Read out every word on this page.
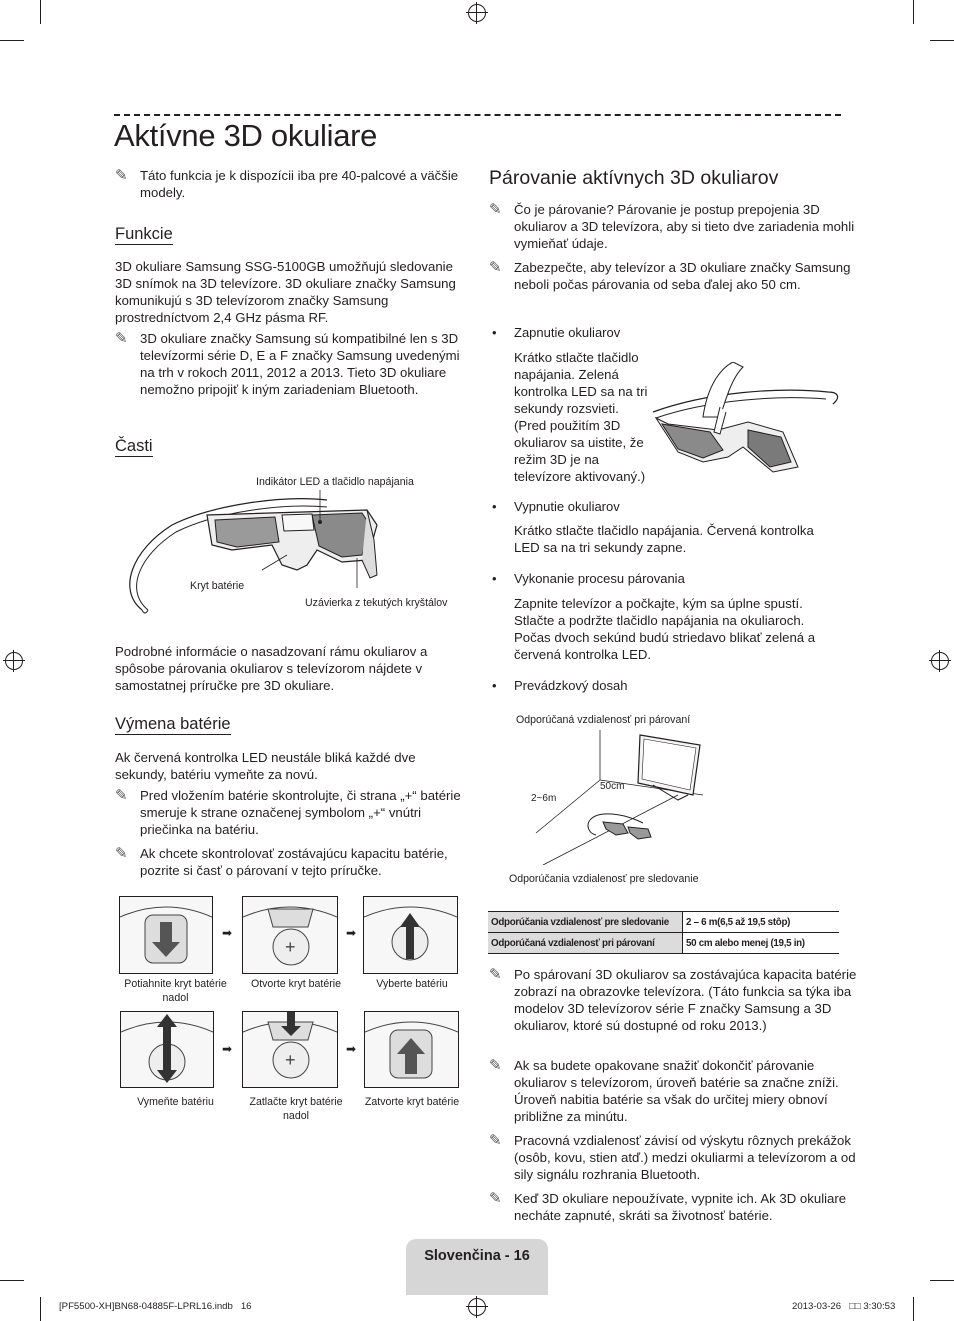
Aktívne 3D okuliare
✎ Táto funkcia je k dispozícii iba pre 40-palcové a väčšie modely.
Funkcie
3D okuliare Samsung SSG-5100GB umožňujú sledovanie 3D snímok na 3D televízore. 3D okuliare značky Samsung komunikujú s 3D televízorom značky Samsung prostredníctvom 2,4 GHz pásma RF.
✎ 3D okuliare značky Samsung sú kompatibilné len s 3D televízormi série D, E a F značky Samsung uvedenými na trh v rokoch 2011, 2012 a 2013. Tieto 3D okuliare nemožno pripojiť k iným zariadeniam Bluetooth.
Časti
Indikátor LED a tlačidlo napájania
Kryt batérie
Uzávierka z tekutých kryštálov
Podrobné informácie o nasadzovaní rámu okuliarov a spôsobe párovania okuliarov s televízorom nájdete v samostatnej príručke pre 3D okuliare.
Výmena batérie
Ak červená kontrolka LED neustále bliká každé dve sekundy, batériu vymeňte za novú.
✎ Pred vložením batérie skontrolujte, či strana „+“ batérie smeruje k strane označenej symbolom „+“ vnútri priečinka na batériu.
✎ Ak chcete skontrolovať zostávajúcu kapacitu batérie, pozrite si časť o párovaní v tejto príručke.
➡
+
➡
Potiahnite kryt batérie nadol
Otvorte kryt batérie	Vyberte batériu
➡
+
➡
Vymeňte batériu	Zatlačte kryt batérie nadol
Zatvorte kryt batérie
Párovanie aktívnych 3D okuliarov
✎ Čo je párovanie? Párovanie je postup prepojenia 3D okuliarov a 3D televízora, aby si tieto dve zariadenia mohli vymieňať údaje.
✎ Zabezpečte, aby televízor a 3D okuliare značky Samsung neboli počas párovania od seba ďalej ako 50 cm.
• Zapnutie okuliarov
Krátko stlačte tlačidlo napájania. Zelená kontrolka LED sa na tri sekundy rozsvieti. (Pred použitím 3D okuliarov sa uistite, že režim 3D je na televízore aktivovaný.)
• Vypnutie okuliarov
Krátko stlačte tlačidlo napájania. Červená kontrolka LED sa na tri sekundy zapne.
• Vykonanie procesu párovania
Zapnite televízor a počkajte, kým sa úplne spustí. Stlačte a podržte tlačidlo napájania na okuliaroch. Počas dvoch sekúnd budú striedavo blikať zelená a červená kontrolka LED.
• Prevádzkový dosah
Odporúčaná vzdialenosť pri párovaní
2~6m
50cm
Odporúčania vzdialenosť pre sledovanie
Odporúčania vzdialenosť pre sledovanie	2 – 6 m(6,5 až 19,5 stôp)
Odporúčaná vzdialenosť pri párovaní	50 cm alebo menej (19,5 in)
✎ Po spárovaní 3D okuliarov sa zostávajúca kapacita batérie zobrazí na obrazovke televízora. (Táto funkcia sa týka iba modelov 3D televízorov série F značky Samsung a 3D okuliarov, ktoré sú dostupné od roku 2013.)
✎ Ak sa budete opakovane snažiť dokončiť párovanie okuliarov s televízorom, úroveň batérie sa značne zníži. Úroveň nabitia batérie sa však do určitej miery obnoví približne za minútu.
✎ Pracovná vzdialenosť závisí od výskytu rôznych prekážok (osôb, kovu, stien atď.) medzi okuliarmi a televízorom a od sily signálu rozhrania Bluetooth.
✎ Keď 3D okuliare nepoužívate, vypnite ich. Ak 3D okuliare necháte zapnuté, skráti sa životnosť batérie.
Slovenčina - 16
[PF5500-XH]BN68-04885F-LPRL16.indb   16	2013-03-26   □□ 3:30:53
